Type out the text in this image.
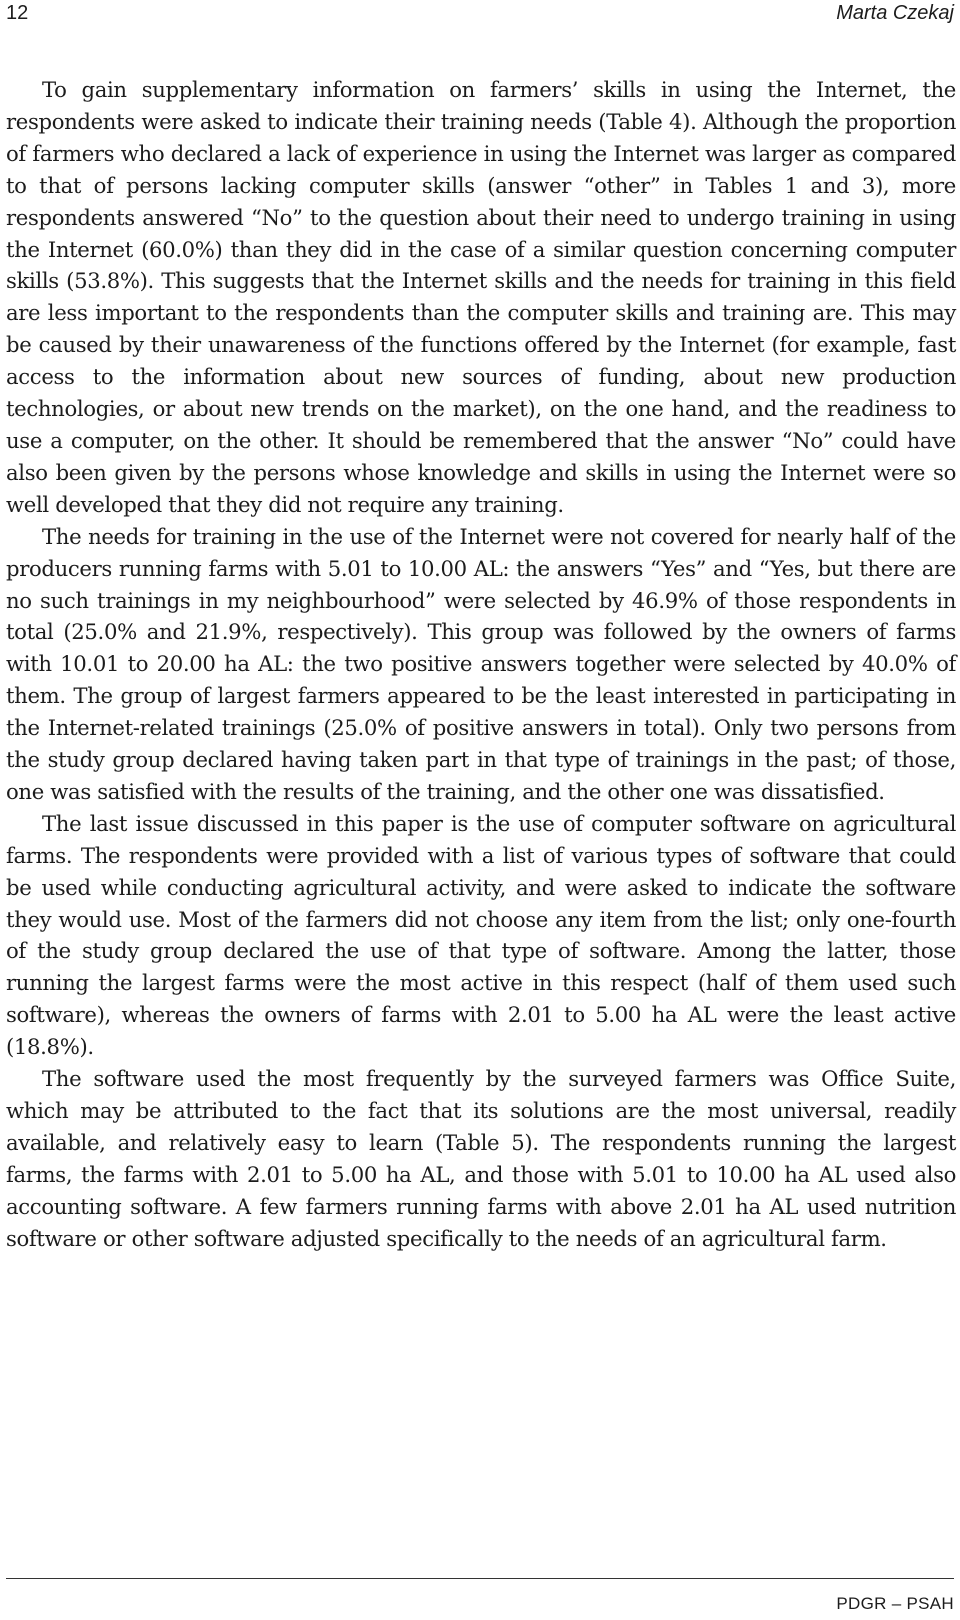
12	Marta Czekaj

To gain supplementary information on farmers’ skills in using the Internet, the respondents were asked to indicate their training needs (Table 4). Although the proportion of farmers who declared a lack of experience in using the Internet was larger as compared to that of persons lacking computer skills (answer “other” in Tables 1 and 3), more respondents answered “No” to the question about their need to undergo training in using the Internet (60.0%) than they did in the case of a similar question concerning computer skills (53.8%). This suggests that the Internet skills and the needs for training in this field are less important to the respondents than the computer skills and training are. This may be caused by their unawareness of the functions offered by the Internet (for example, fast access to the information about new sources of funding, about new production technologies, or about new trends on the market), on the one hand, and the readiness to use a computer, on the other. It should be remembered that the answer “No” could have also been given by the persons whose knowledge and skills in using the Internet were so well developed that they did not require any training.

The needs for training in the use of the Internet were not covered for nearly half of the producers running farms with 5.01 to 10.00 AL: the answers “Yes” and “Yes, but there are no such trainings in my neighbourhood” were selected by 46.9% of those respondents in total (25.0% and 21.9%, respectively). This group was followed by the owners of farms with 10.01 to 20.00 ha AL: the two positive answers together were selected by 40.0% of them. The group of largest farmers appeared to be the least interested in participating in the Internet-related trainings (25.0% of positive answers in total). Only two persons from the study group declared having taken part in that type of trainings in the past; of those, one was satisfied with the results of the training, and the other one was dissatisfied.

The last issue discussed in this paper is the use of computer software on agricultural farms. The respondents were provided with a list of various types of software that could be used while conducting agricultural activity, and were asked to indicate the software they would use. Most of the farmers did not choose any item from the list; only one-fourth of the study group declared the use of that type of software. Among the latter, those running the largest farms were the most active in this respect (half of them used such software), whereas the owners of farms with 2.01 to 5.00 ha AL were the least active (18.8%).

The software used the most frequently by the surveyed farmers was Office Suite, which may be attributed to the fact that its solutions are the most universal, readily available, and relatively easy to learn (Table 5). The respondents running the largest farms, the farms with 2.01 to 5.00 ha AL, and those with 5.01 to 10.00 ha AL used also accounting software. A few farmers running farms with above 2.01 ha AL used nutrition software or other software adjusted specifically to the needs of an agricultural farm.

PDGR – PSAH
